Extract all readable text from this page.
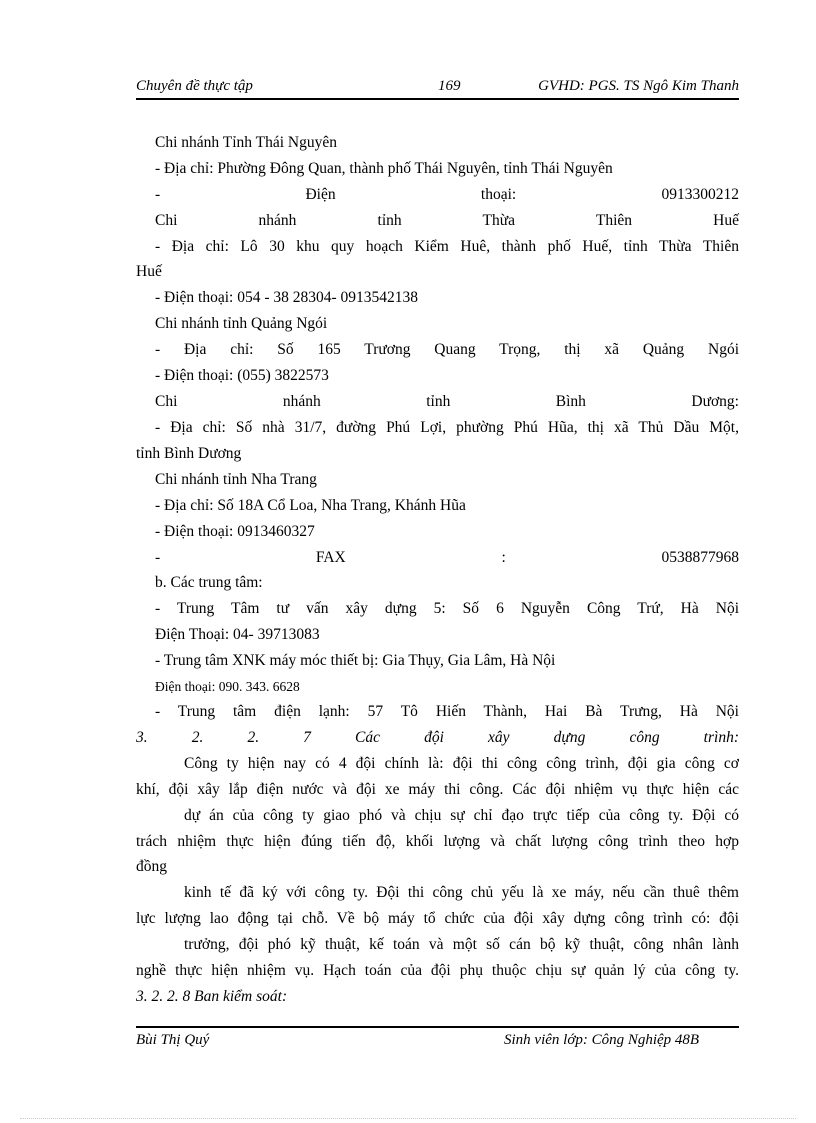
Chuyên đề thực tập	169	GVHD: PGS. TS Ngô Kim Thanh
Chi nhánh Tỉnh Thái Nguyên
- Địa chỉ: Phường Đông Quan, thành phố Thái Nguyên, tỉnh Thái Nguyên
- Điện thoại: 0913300212
Chi nhánh tỉnh Thừa Thiên Huế
- Địa chỉ: Lô 30 khu quy hoạch Kiểm Huê, thành phố Huế, tỉnh Thừa Thiên
Huế
- Điện thoại: 054 - 38 28304- 0913542138
Chi nhánh tỉnh Quảng Ngói
- Địa chỉ: Số 165 Trương Quang Trọng, thị xã Quảng Ngói
- Điện thoại: (055) 3822573
Chi nhánh tỉnh Bình Dương:
- Địa chỉ: Số nhà 31/7, đường Phú Lợi, phường Phú Hũa, thị xã Thủ Dầu Một,
tỉnh Bình Dương
Chi nhánh tỉnh Nha Trang
- Địa chỉ: Số 18A Cổ Loa, Nha Trang, Khánh Hũa
- Điện thoại: 0913460327
- FAX : 0538877968
b. Các trung tâm:
- Trung Tâm tư vấn xây dựng 5: Số 6 Nguyễn Công Trứ, Hà Nội
Điện Thoại: 04- 39713083
- Trung tâm XNK máy móc thiết bị: Gia Thụy, Gia Lâm, Hà Nội
Điện thoại: 090. 343. 6628
- Trung tâm điện lạnh: 57 Tô Hiến Thành, Hai Bà Trưng, Hà Nội
3. 2. 2. 7 Các đội xây dựng công trình:
Công ty hiện nay có 4 đội chính là: đội thi công công trình, đội gia công cơ
khí, đội xây lắp điện nước và đội xe máy thi công. Các đội nhiệm vụ thực hiện các
dự án của công ty giao phó và chịu sự chỉ đạo trực tiếp của công ty. Đội có
trách nhiệm thực hiện đúng tiến độ, khối lượng và chất lượng công trình theo hợp
đồng
kinh tế đã ký với công ty. Đội thi công chủ yếu là xe máy, nếu cần thuê thêm
lực lượng lao động tại chỗ. Về bộ máy tổ chức của đội xây dựng công trình có: đội
trưởng, đội phó kỹ thuật, kế toán và một số cán bộ kỹ thuật, công nhân lành
nghề thực hiện nhiệm vụ. Hạch toán của đội phụ thuộc chịu sự quản lý của công ty.
3. 2. 2. 8 Ban kiểm soát:
Bùi Thị Quý	Sinh viên lớp: Công Nghiệp 48B
